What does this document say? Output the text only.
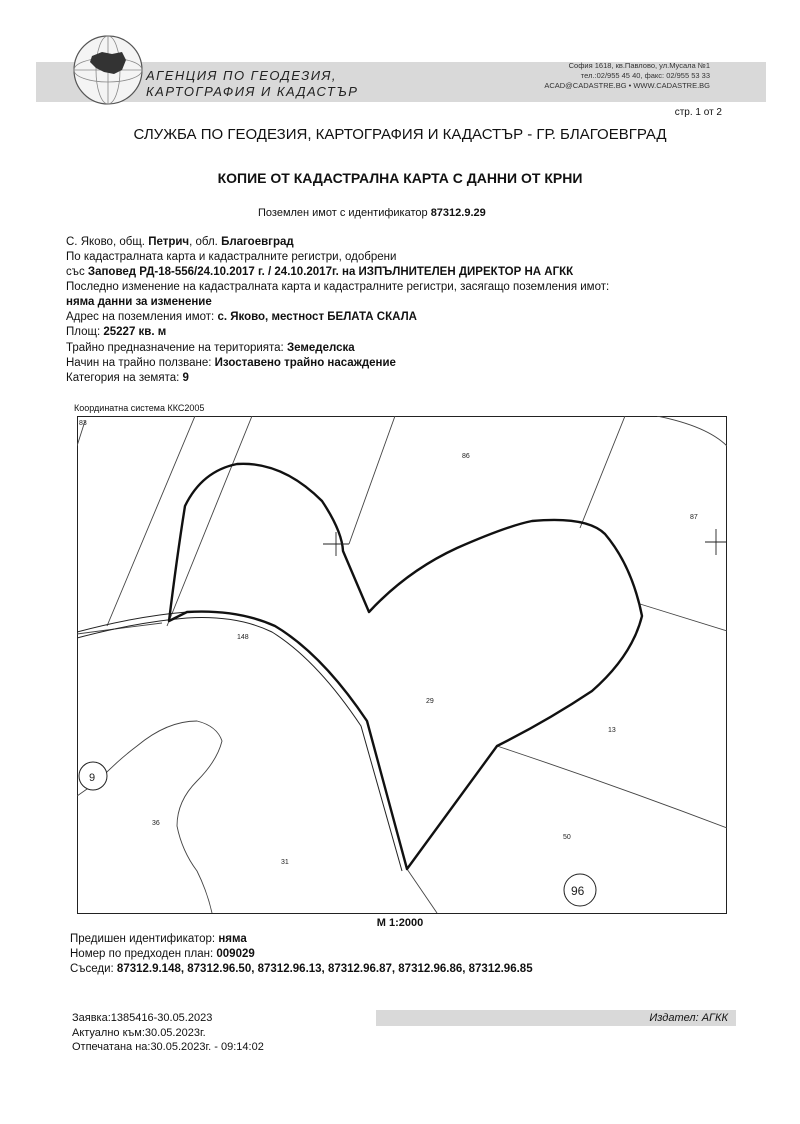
АГЕНЦИЯ ПО ГЕОДЕЗИЯ,
КАРТОГРАФИЯ И КАДАСТЪР
София 1618, кв.Павлово, ул.Мусала №1
тел.:02/955 45 40, факс: 02/955 53 33
ACAD@CADASTRE.BG • WWW.CADASTRE.BG
стр. 1 от 2
СЛУЖБА ПО ГЕОДЕЗИЯ, КАРТОГРАФИЯ И КАДАСТЪР - ГР. БЛАГОЕВГРАД
КОПИЕ ОТ КАДАСТРАЛНА КАРТА С ДАННИ ОТ КРНИ
Поземлен имот с идентификатор 87312.9.29
С. Яково, общ. Петрич, обл. Благоевград
По кадастралната карта и кадастралните регистри, одобрени
със Заповед РД-18-556/24.10.2017 г. / 24.10.2017г. на ИЗПЪЛНИТЕЛЕН ДИРЕКТОР НА АГКК
Последно изменение на кадастралната карта и кадастралните регистри, засягащо поземления имот:
няма данни за изменение
Адрес на поземления имот: с. Яково, местност БЕЛАТА СКАЛА
Площ: 25227 кв. м
Трайно предназначение на територията: Земеделска
Начин на трайно ползване: Изоставено трайно насаждение
Категория на земята: 9
Координатна система ККС2005
83
86
87
148
29
13
9
36
31
50
96
М 1:2000
Предишен идентификатор: няма
Номер по предходен план: 009029
Съседи: 87312.9.148, 87312.96.50, 87312.96.13, 87312.96.87, 87312.96.86, 87312.96.85
Издател: АГКК
Заявка:1385416-30.05.2023
Актуално към:30.05.2023г.
Отпечатана на:30.05.2023г. - 09:14:02
